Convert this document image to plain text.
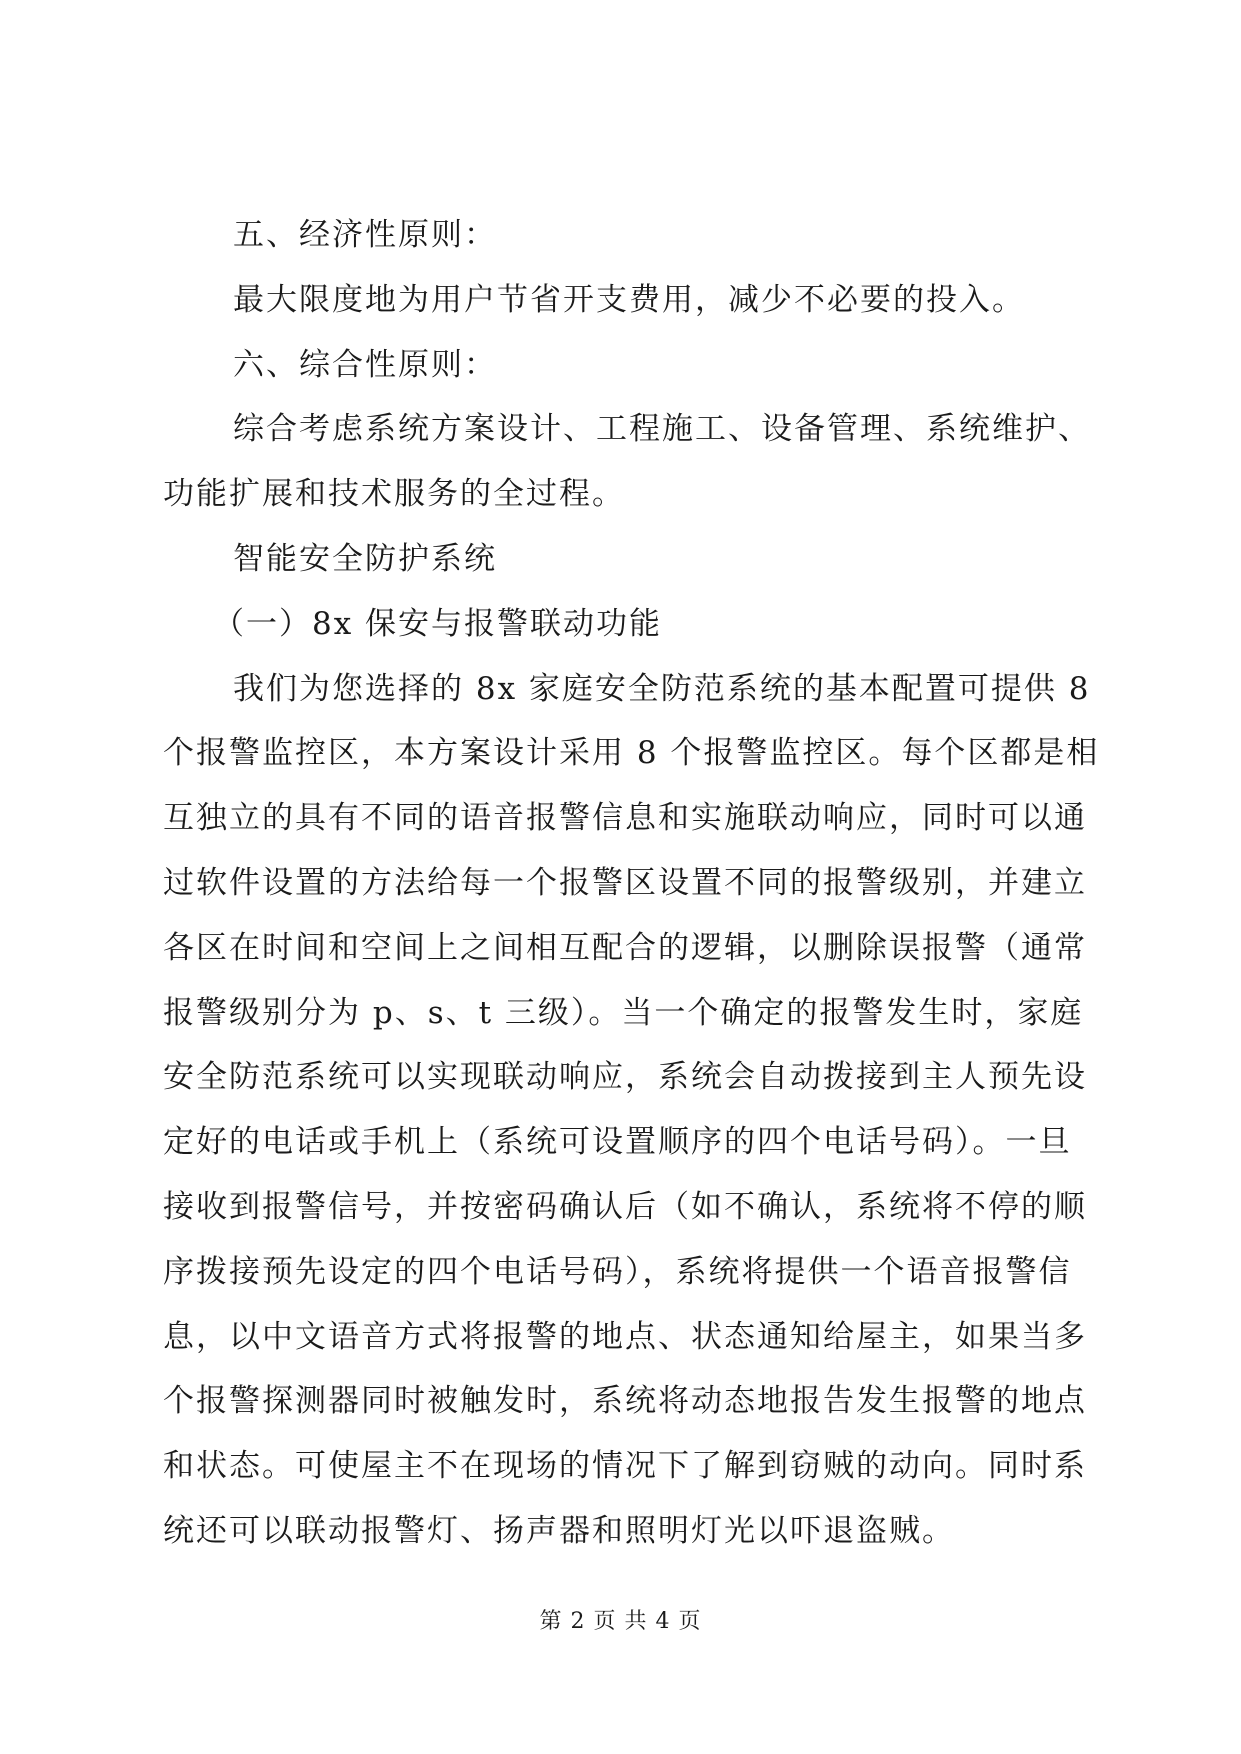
五、经济性原则：
最大限度地为用户节省开支费用，减少不必要的投入。
六、综合性原则：
综合考虑系统方案设计、工程施工、设备管理、系统维护、
功能扩展和技术服务的全过程。
智能安全防护系统
（一）8x 保安与报警联动功能
我们为您选择的 8x 家庭安全防范系统的基本配置可提供 8
个报警监控区，本方案设计采用 8 个报警监控区。每个区都是相
互独立的具有不同的语音报警信息和实施联动响应，同时可以通
过软件设置的方法给每一个报警区设置不同的报警级别，并建立
各区在时间和空间上之间相互配合的逻辑，以删除误报警（通常
报警级别分为 p、s、t 三级）。当一个确定的报警发生时，家庭
安全防范系统可以实现联动响应，系统会自动拨接到主人预先设
定好的电话或手机上（系统可设置顺序的四个电话号码）。一旦
接收到报警信号，并按密码确认后（如不确认，系统将不停的顺
序拨接预先设定的四个电话号码），系统将提供一个语音报警信
息，以中文语音方式将报警的地点、状态通知给屋主，如果当多
个报警探测器同时被触发时，系统将动态地报告发生报警的地点
和状态。可使屋主不在现场的情况下了解到窃贼的动向。同时系
统还可以联动报警灯、扬声器和照明灯光以吓退盗贼。
第 2 页 共 4 页
